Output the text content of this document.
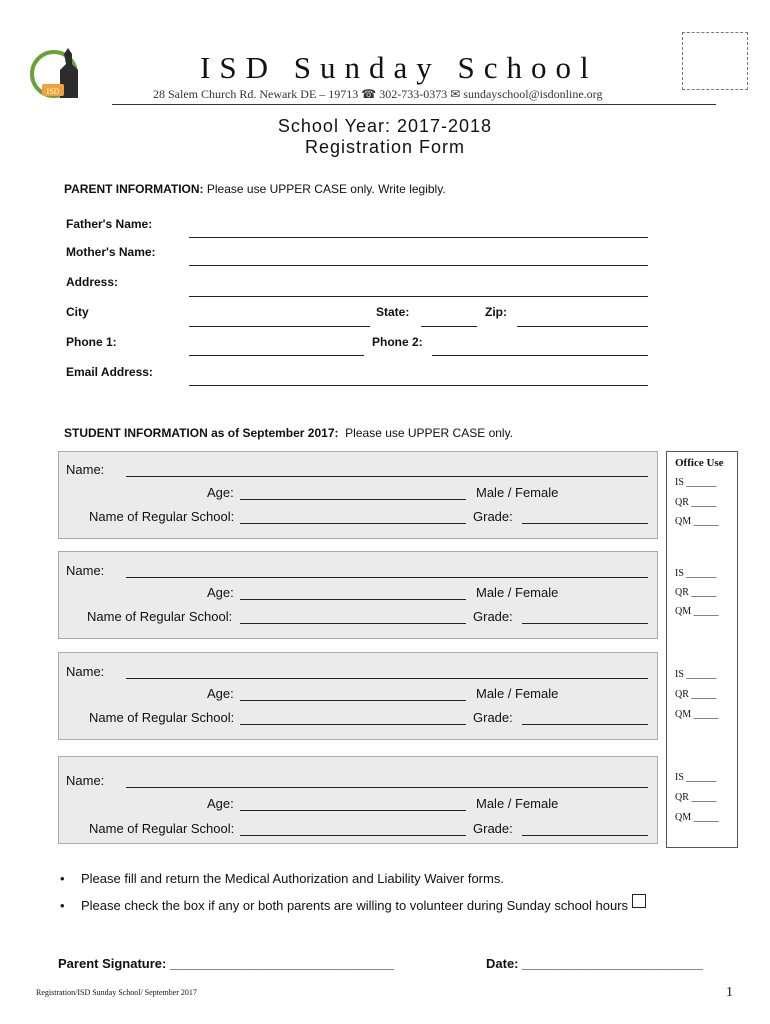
ISD
ISD Sunday School
28 Salem Church Rd. Newark DE – 19713 ☎ 302-733-0373 ✉ sundayschool@isdonline.org
School Year: 2017-2018
Registration Form
PARENT INFORMATION: Please use UPPER CASE only. Write legibly.
Father's Name:
Mother's Name:
Address:
City	State:	Zip:
Phone 1:	Phone 2:
Email Address:
STUDENT INFORMATION as of September 2017: Please use UPPER CASE only.
Name:
Age:	Male / Female
Name of Regular School:	Grade:
Name:
Age:	Male / Female
Name of Regular School:	Grade:
Name:
Age:	Male / Female
Name of Regular School:	Grade:
Name:
Age:	Male / Female
Name of Regular School:	Grade:
Office Use
IS ______
QR _____
QM _____
IS ______
QR _____
QM _____
IS ______
QR _____
QM _____
IS ______
QR _____
QM _____
• Please fill and return the Medical Authorization and Liability Waiver forms.
• Please check the box if any or both parents are willing to volunteer during Sunday school hours
Parent Signature: _______________________________	Date: _________________________
Registration/ISD Sunday School/ September 2017	1
